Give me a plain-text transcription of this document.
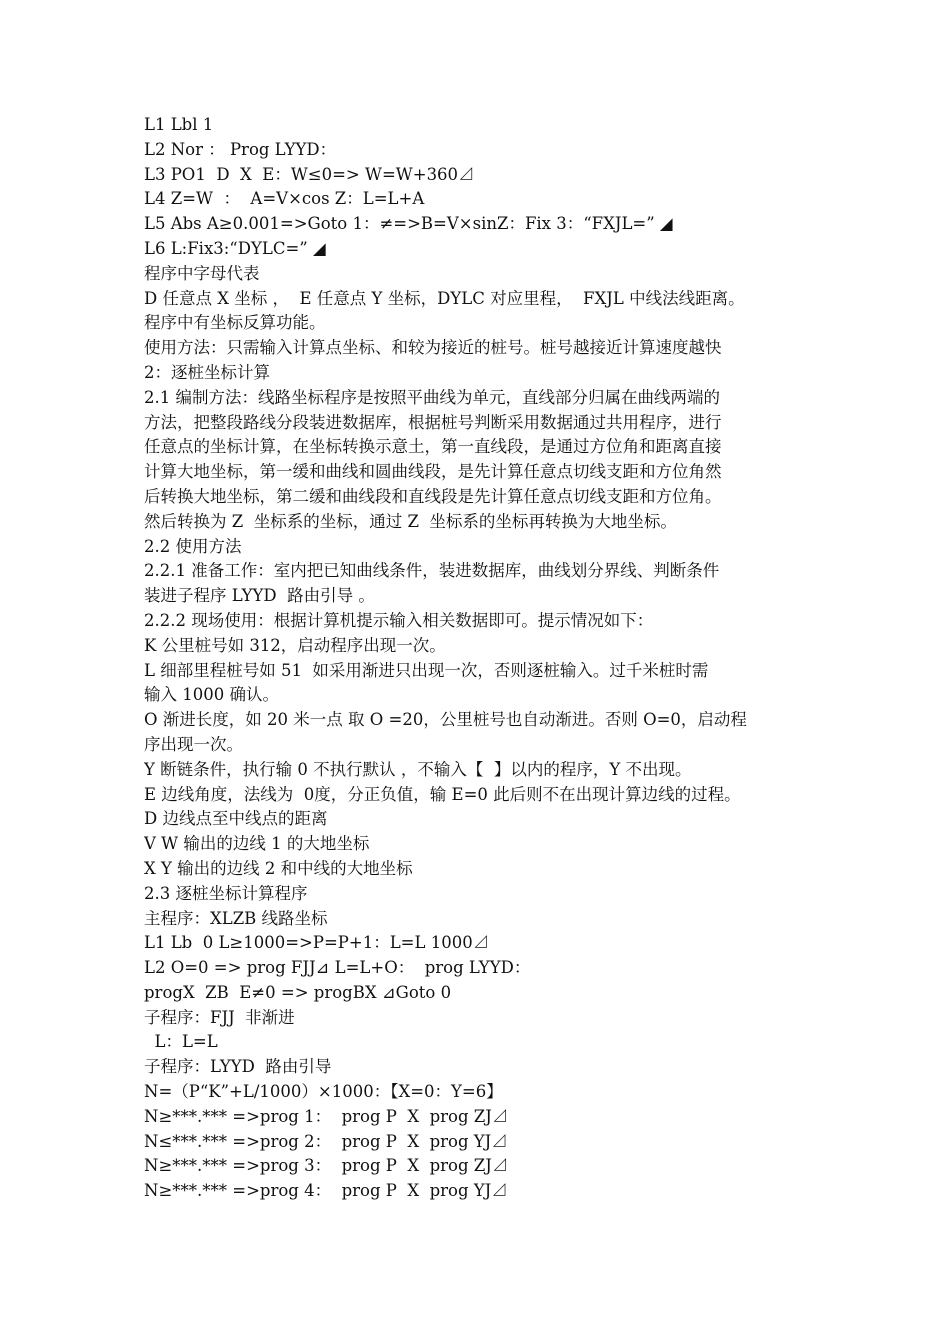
L1 Lbl 1
L2 Nor ： Prog LYYD：
L3 PO1  D  X  E：W≤0=> W=W+360⊿
L4 Z=W  ：  A=V×cos Z：L=L+A
L5 Abs A≥0.001=>Goto 1：≠=>B=V×sinZ：Fix 3：“FXJL=” ◢
L6 L:Fix3:“DYLC=” ◢
程序中字母代表
D 任意点 X 坐标 ，  E 任意点 Y 坐标，DYLC 对应里程，  FXJL 中线法线距离。
程序中有坐标反算功能。
使用方法：只需输入计算点坐标、和较为接近的桩号。桩号越接近计算速度越快
2：逐桩坐标计算
2.1 编制方法：线路坐标程序是按照平曲线为单元，直线部分归属在曲线两端的
方法，把整段路线分段装进数据库，根据桩号判断采用数据通过共用程序，进行
任意点的坐标计算，在坐标转换示意土，第一直线段，是通过方位角和距离直接
计算大地坐标，第一缓和曲线和圆曲线段，是先计算任意点切线支距和方位角然
后转换大地坐标，第二缓和曲线段和直线段是先计算任意点切线支距和方位角。
然后转换为 Z  坐标系的坐标，通过 Z  坐标系的坐标再转换为大地坐标。
2.2 使用方法
2.2.1 准备工作：室内把已知曲线条件，装进数据库，曲线划分界线、判断条件
装进子程序 LYYD  路由引导 。
2.2.2 现场使用：根据计算机提示输入相关数据即可。提示情况如下：
K 公里桩号如 312，启动程序出现一次。
L 细部里程桩号如 51  如采用渐进只出现一次，否则逐桩输入。过千米桩时需
输入 1000 确认。
O 渐进长度，如 20 米一点 取 O =20，公里桩号也自动渐进。否则 O=0，启动程
序出现一次。
Y 断链条件，执行输 0 不执行默认 ，不输入【  】以内的程序，Y 不出现。
E 边线角度，法线为  0度，分正负值，输 E=0 此后则不在出现计算边线的过程。
D 边线点至中线点的距离
V W 输出的边线 1 的大地坐标
X Y 输出的边线 2 和中线的大地坐标
2.3 逐桩坐标计算程序
主程序：XLZB 线路坐标
L1 Lb  0 L≥1000=>P=P+1：L=L 1000⊿
L2 O=0 => prog FJJ⊿ L=L+O：  prog LYYD：
progX  ZB  E≠0 => progBX ⊿Goto 0
子程序：FJJ  非渐进
L：L=L
子程序：LYYD  路由引导
N=（P“K”+L/1000）×1000：【X=0：Y=6】
N≥***.*** =>prog 1：  prog P  X  prog ZJ⊿
N≤***.*** =>prog 2：  prog P  X  prog YJ⊿
N≥***.*** =>prog 3：  prog P  X  prog ZJ⊿
N≥***.*** =>prog 4：  prog P  X  prog YJ⊿
